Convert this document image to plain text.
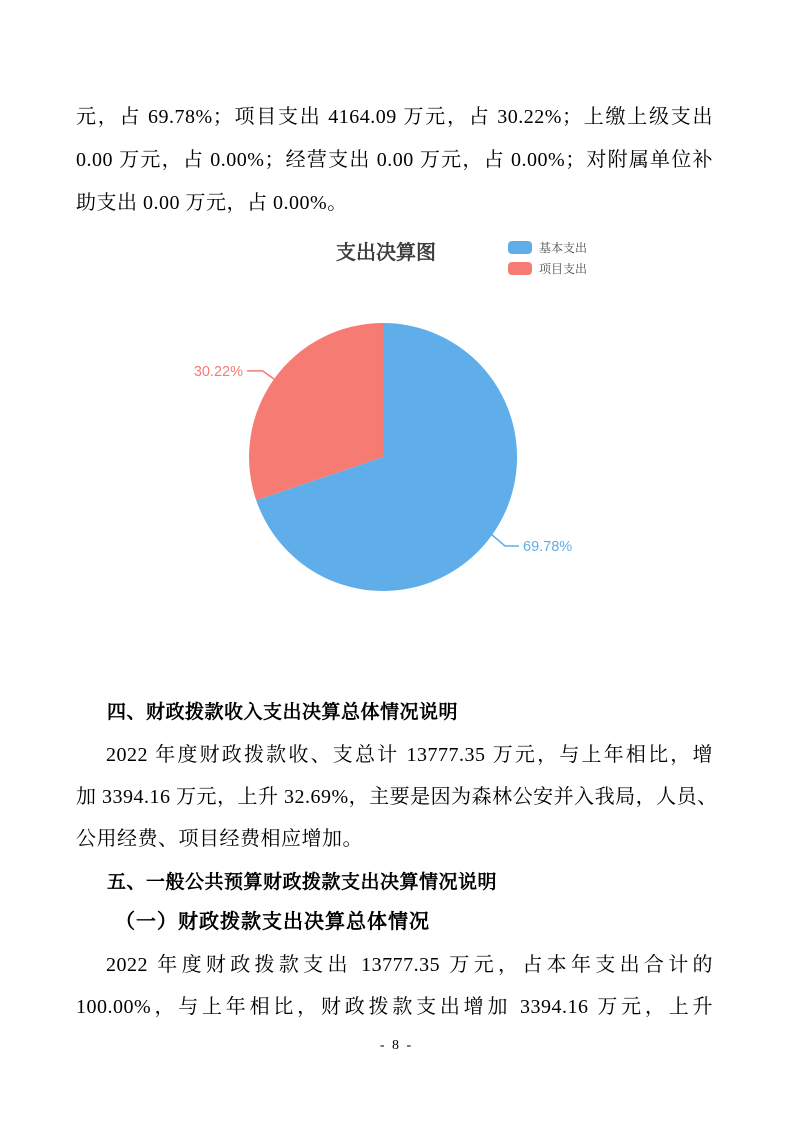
元，占 69.78%；项目支出 4164.09 万元，占 30.22%；上缴上级支出
0.00 万元，占 0.00%；经营支出 0.00 万元，占 0.00%；对附属单位补
助支出 0.00 万元，占 0.00%。
支出决算图	基本支出
项目支出
30.22%
69.78%
四、财政拨款收入支出决算总体情况说明
2022 年度财政拨款收、支总计 13777.35 万元，与上年相比，增
加 3394.16 万元，上升 32.69%，主要是因为森林公安并入我局，人员、
公用经费、项目经费相应增加。
五、一般公共预算财政拨款支出决算情况说明
（一）财政拨款支出决算总体情况
2022 年度财政拨款支出 13777.35 万元，占本年支出合计的
100.00%，与上年相比，财政拨款支出增加 3394.16 万元，上升
- 8 -
